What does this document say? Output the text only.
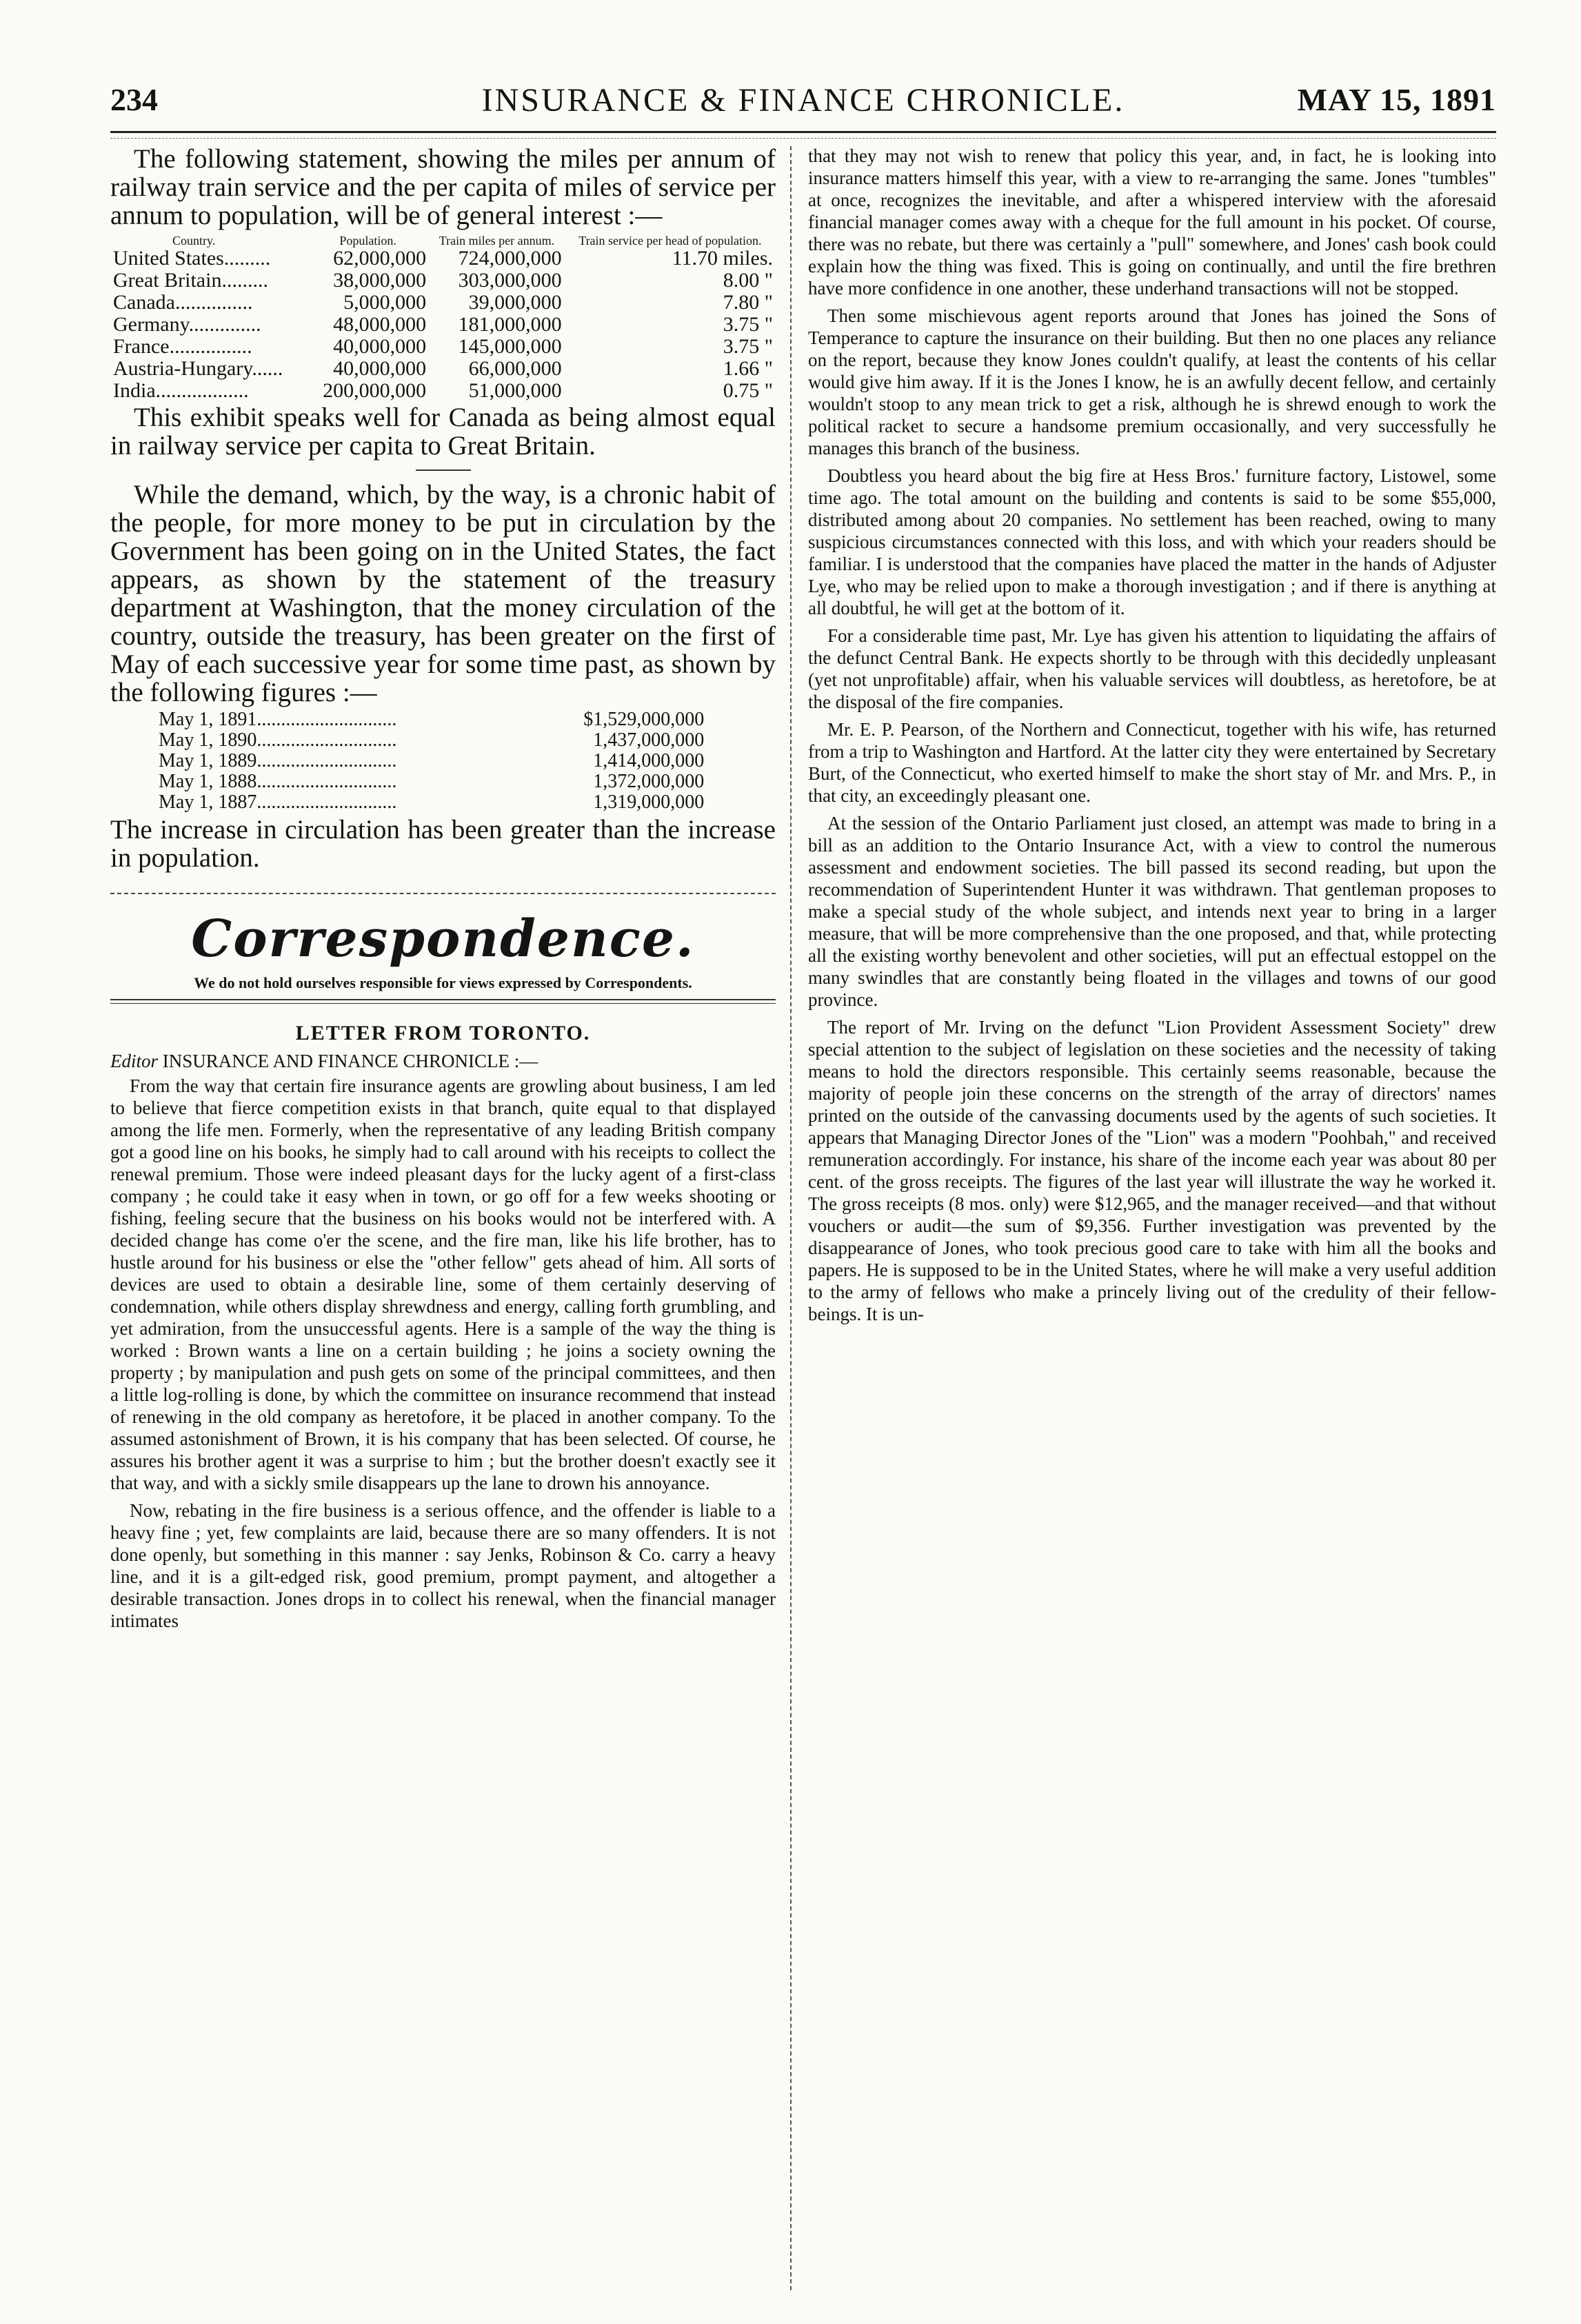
234	INSURANCE & FINANCE CHRONICLE.	MAY 15, 1891

The following statement, showing the miles per annum of railway train service and the per capita of miles of service per annum to population, will be of general interest :—

Country.	Population.	Train miles per annum.	Train service per head of population.
United States.........	62,000,000	724,000,000	11.70 miles.
Great Britain.........	38,000,000	303,000,000	8.00 "
Canada...............	5,000,000	39,000,000	7.80 "
Germany..............	48,000,000	181,000,000	3.75 "
France................	40,000,000	145,000,000	3.75 "
Austria-Hungary......	40,000,000	66,000,000	1.66 "
India..................	200,000,000	51,000,000	0.75 "

This exhibit speaks well for Canada as being almost equal in railway service per capita to Great Britain.

While the demand, which, by the way, is a chronic habit of the people, for more money to be put in circulation by the Government has been going on in the United States, the fact appears, as shown by the statement of the treasury department at Washington, that the money circulation of the country, outside the treasury, has been greater on the first of May of each successive year for some time past, as shown by the following figures :—

May 1, 1891.............................	$1,529,000,000
May 1, 1890.............................	1,437,000,000
May 1, 1889.............................	1,414,000,000
May 1, 1888.............................	1,372,000,000
May 1, 1887.............................	1,319,000,000

The increase in circulation has been greater than the increase in population.

Correspondence.
We do not hold ourselves responsible for views expressed by Correspondents.
LETTER FROM TORONTO.
Editor INSURANCE AND FINANCE CHRONICLE :—

From the way that certain fire insurance agents are growling about business, I am led to believe that fierce competition exists in that branch, quite equal to that displayed among the life men. Formerly, when the representative of any leading British company got a good line on his books, he simply had to call around with his receipts to collect the renewal premium. Those were indeed pleasant days for the lucky agent of a first-class company ; he could take it easy when in town, or go off for a few weeks shooting or fishing, feeling secure that the business on his books would not be interfered with. A decided change has come o'er the scene, and the fire man, like his life brother, has to hustle around for his business or else the "other fellow" gets ahead of him. All sorts of devices are used to obtain a desirable line, some of them certainly deserving of condemnation, while others display shrewdness and energy, calling forth grumbling, and yet admiration, from the unsuccessful agents. Here is a sample of the way the thing is worked : Brown wants a line on a certain building ; he joins a society owning the property ; by manipulation and push gets on some of the principal committees, and then a little log-rolling is done, by which the committee on insurance recommend that instead of renewing in the old company as heretofore, it be placed in another company. To the assumed astonishment of Brown, it is his company that has been selected. Of course, he assures his brother agent it was a surprise to him ; but the brother doesn't exactly see it that way, and with a sickly smile disappears up the lane to drown his annoyance.

Now, rebating in the fire business is a serious offence, and the offender is liable to a heavy fine ; yet, few complaints are laid, because there are so many offenders. It is not done openly, but something in this manner : say Jenks, Robinson & Co. carry a heavy line, and it is a gilt-edged risk, good premium, prompt payment, and altogether a desirable transaction. Jones drops in to collect his renewal, when the financial manager intimates

that they may not wish to renew that policy this year, and, in fact, he is looking into insurance matters himself this year, with a view to re-arranging the same. Jones "tumbles" at once, recognizes the inevitable, and after a whispered interview with the aforesaid financial manager comes away with a cheque for the full amount in his pocket. Of course, there was no rebate, but there was certainly a "pull" somewhere, and Jones' cash book could explain how the thing was fixed. This is going on continually, and until the fire brethren have more confidence in one another, these underhand transactions will not be stopped.

Then some mischievous agent reports around that Jones has joined the Sons of Temperance to capture the insurance on their building. But then no one places any reliance on the report, because they know Jones couldn't qualify, at least the contents of his cellar would give him away. If it is the Jones I know, he is an awfully decent fellow, and certainly wouldn't stoop to any mean trick to get a risk, although he is shrewd enough to work the political racket to secure a handsome premium occasionally, and very successfully he manages this branch of the business.

Doubtless you heard about the big fire at Hess Bros.' furniture factory, Listowel, some time ago. The total amount on the building and contents is said to be some $55,000, distributed among about 20 companies. No settlement has been reached, owing to many suspicious circumstances connected with this loss, and with which your readers should be familiar. I is understood that the companies have placed the matter in the hands of Adjuster Lye, who may be relied upon to make a thorough investigation ; and if there is anything at all doubtful, he will get at the bottom of it.

For a considerable time past, Mr. Lye has given his attention to liquidating the affairs of the defunct Central Bank. He expects shortly to be through with this decidedly unpleasant (yet not unprofitable) affair, when his valuable services will doubtless, as heretofore, be at the disposal of the fire companies.

Mr. E. P. Pearson, of the Northern and Connecticut, together with his wife, has returned from a trip to Washington and Hartford. At the latter city they were entertained by Secretary Burt, of the Connecticut, who exerted himself to make the short stay of Mr. and Mrs. P., in that city, an exceedingly pleasant one.

At the session of the Ontario Parliament just closed, an attempt was made to bring in a bill as an addition to the Ontario Insurance Act, with a view to control the numerous assessment and endowment societies. The bill passed its second reading, but upon the recommendation of Superintendent Hunter it was withdrawn. That gentleman proposes to make a special study of the whole subject, and intends next year to bring in a larger measure, that will be more comprehensive than the one proposed, and that, while protecting all the existing worthy benevolent and other societies, will put an effectual estoppel on the many swindles that are constantly being floated in the villages and towns of our good province.

The report of Mr. Irving on the defunct "Lion Provident Assessment Society" drew special attention to the subject of legislation on these societies and the necessity of taking means to hold the directors responsible. This certainly seems reasonable, because the majority of people join these concerns on the strength of the array of directors' names printed on the outside of the canvassing documents used by the agents of such societies. It appears that Managing Director Jones of the "Lion" was a modern "Poohbah," and received remuneration accordingly. For instance, his share of the income each year was about 80 per cent. of the gross receipts. The figures of the last year will illustrate the way he worked it. The gross receipts (8 mos. only) were $12,965, and the manager received—and that without vouchers or audit—the sum of $9,356. Further investigation was prevented by the disappearance of Jones, who took precious good care to take with him all the books and papers. He is supposed to be in the United States, where he will make a very useful addition to the army of fellows who make a princely living out of the credulity of their fellow-beings. It is un-
